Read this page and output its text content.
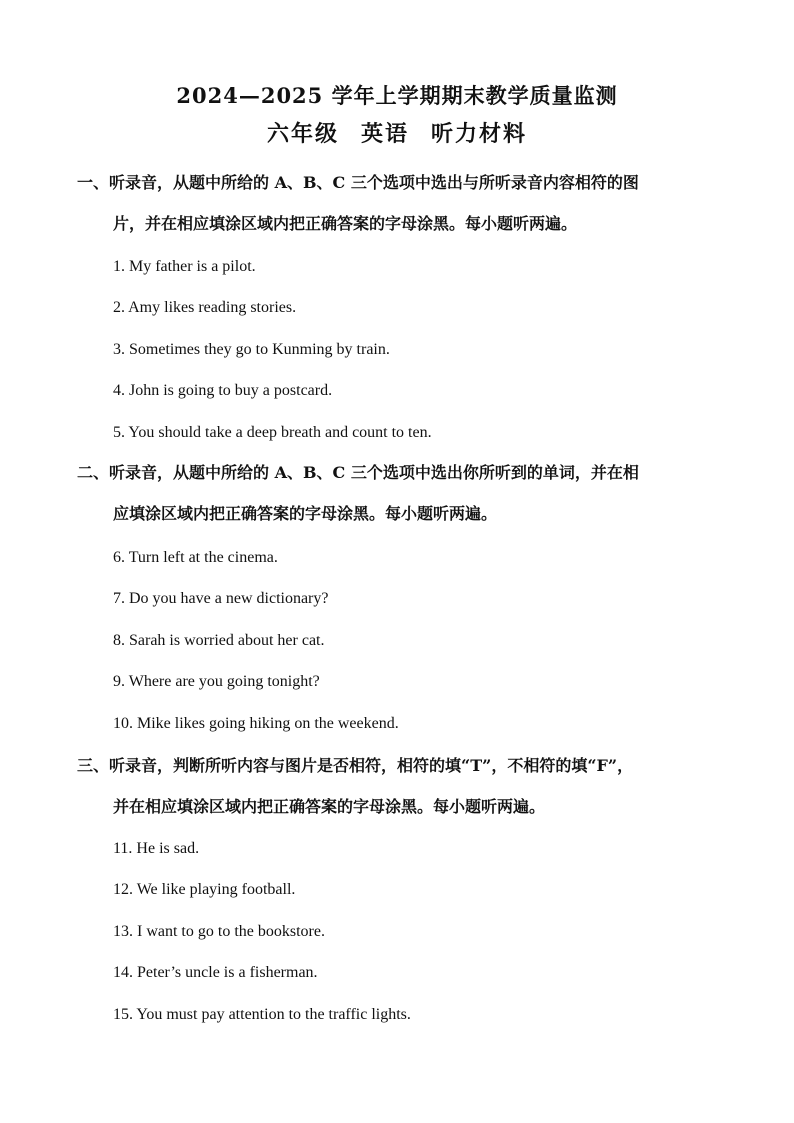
2024—2025 学年上学期期末教学质量监测
六年级 英语 听力材料
一、听录音，从题中所给的 A、B、C 三个选项中选出与所听录音内容相符的图
片，并在相应填涂区域内把正确答案的字母涂黑。每小题听两遍。
1. My father is a pilot.
2. Amy likes reading stories.
3. Sometimes they go to Kunming by train.
4. John is going to buy a postcard.
5. You should take a deep breath and count to ten.
二、听录音，从题中所给的 A、B、C 三个选项中选出你所听到的单词，并在相
应填涂区域内把正确答案的字母涂黑。每小题听两遍。
6. Turn left at the cinema.
7. Do you have a new dictionary?
8. Sarah is worried about her cat.
9. Where are you going tonight?
10. Mike likes going hiking on the weekend.
三、听录音，判断所听内容与图片是否相符，相符的填“T”，不相符的填“F”，
并在相应填涂区域内把正确答案的字母涂黑。每小题听两遍。
11. He is sad.
12. We like playing football.
13. I want to go to the bookstore.
14. Peter’s uncle is a fisherman.
15. You must pay attention to the traffic lights.
